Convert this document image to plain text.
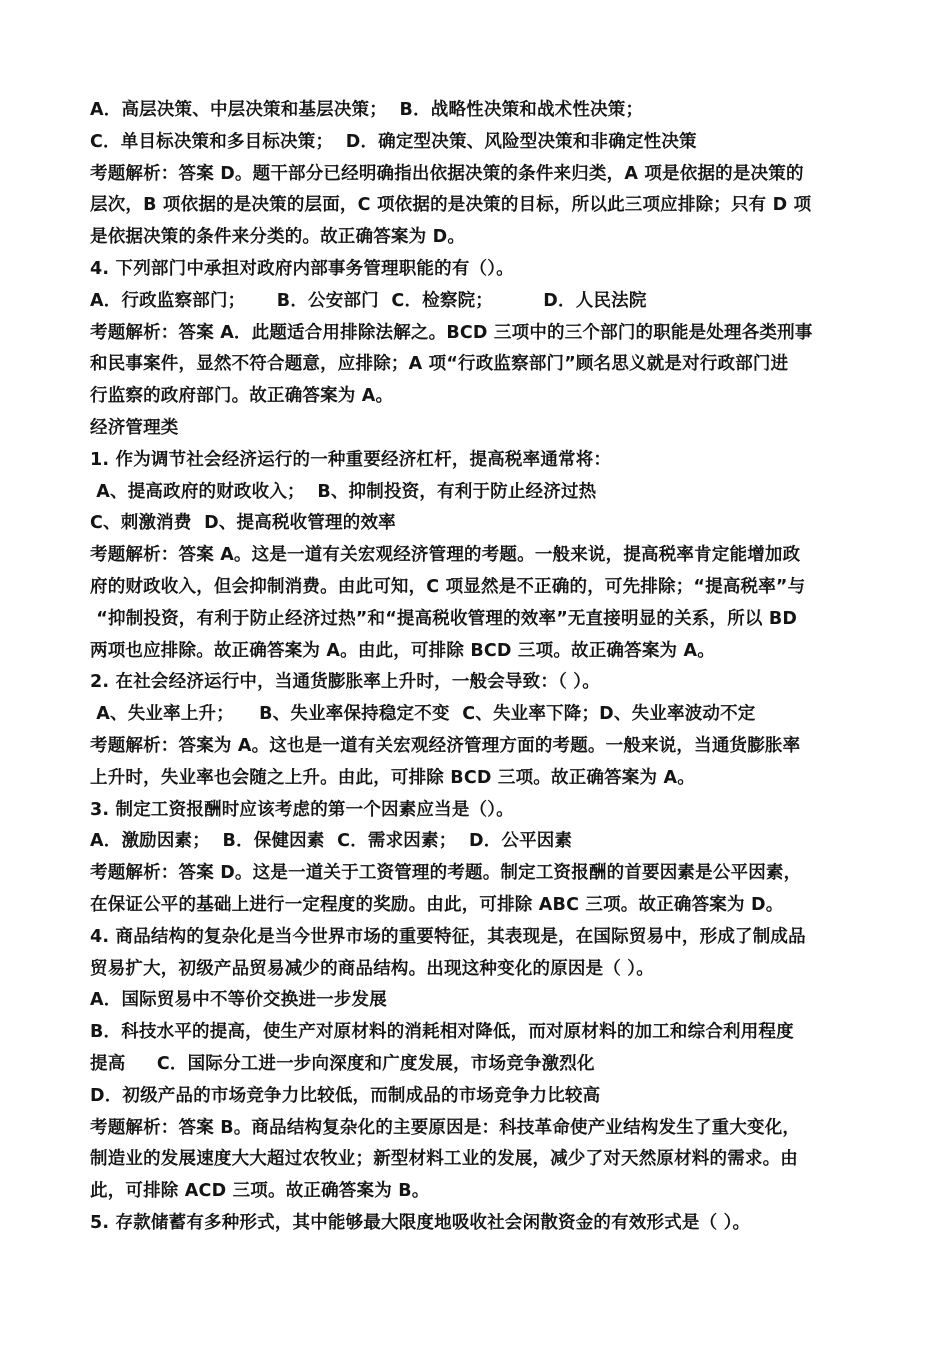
A．高层决策、中层决策和基层决策；  B．战略性决策和战术性决策；
C．单目标决策和多目标决策；  D．确定型决策、风险型决策和非确定性决策
考题解析：答案 D。题干部分已经明确指出依据决策的条件来归类，A 项是依据的是决策的
层次，B 项依据的是决策的层面，C 项依据的是决策的目标，所以此三项应排除；只有 D 项
是依据决策的条件来分类的。故正确答案为 D。
4. 下列部门中承担对政府内部事务管理职能的有（）。
A．行政监察部门；     B．公安部门  C．检察院；        D．人民法院
考题解析：答案 A．此题适合用排除法解之。BCD 三项中的三个部门的职能是处理各类刑事
和民事案件，显然不符合题意，应排除；A 项“行政监察部门”顾名思义就是对行政部门进
行监察的政府部门。故正确答案为 A。
经济管理类
1. 作为调节社会经济运行的一种重要经济杠杆，提高税率通常将：
A、提高政府的财政收入；  B、抑制投资，有利于防止经济过热
C、刺激消费  D、提高税收管理的效率
考题解析：答案 A。这是一道有关宏观经济管理的考题。一般来说，提高税率肯定能增加政
府的财政收入，但会抑制消费。由此可知，C 项显然是不正确的，可先排除；“提高税率”与
“抑制投资，有利于防止经济过热”和“提高税收管理的效率”无直接明显的关系，所以 BD
两项也应排除。故正确答案为 A。由此，可排除 BCD 三项。故正确答案为 A。
2. 在社会经济运行中，当通货膨胀率上升时，一般会导致：（ ）。
A、失业率上升；    B、失业率保持稳定不变  C、失业率下降；D、失业率波动不定
考题解析：答案为 A。这也是一道有关宏观经济管理方面的考题。一般来说，当通货膨胀率
上升时，失业率也会随之上升。由此，可排除 BCD 三项。故正确答案为 A。
3. 制定工资报酬时应该考虑的第一个因素应当是（）。
A．激励因素；  B．保健因素  C．需求因素；  D．公平因素
考题解析：答案 D。这是一道关于工资管理的考题。制定工资报酬的首要因素是公平因素，
在保证公平的基础上进行一定程度的奖励。由此，可排除 ABC 三项。故正确答案为 D。
4. 商品结构的复杂化是当今世界市场的重要特征，其表现是，在国际贸易中，形成了制成品
贸易扩大，初级产品贸易减少的商品结构。出现这种变化的原因是（ ）。
A．国际贸易中不等价交换进一步发展
B．科技水平的提高，使生产对原材料的消耗相对降低，而对原材料的加工和综合利用程度
提高     C．国际分工进一步向深度和广度发展，市场竞争激烈化
D．初级产品的市场竞争力比较低，而制成品的市场竞争力比较高
考题解析：答案 B。商品结构复杂化的主要原因是：科技革命使产业结构发生了重大变化，
制造业的发展速度大大超过农牧业；新型材料工业的发展，减少了对天然原材料的需求。由
此，可排除 ACD 三项。故正确答案为 B。
5. 存款储蓄有多种形式，其中能够最大限度地吸收社会闲散资金的有效形式是（ ）。
